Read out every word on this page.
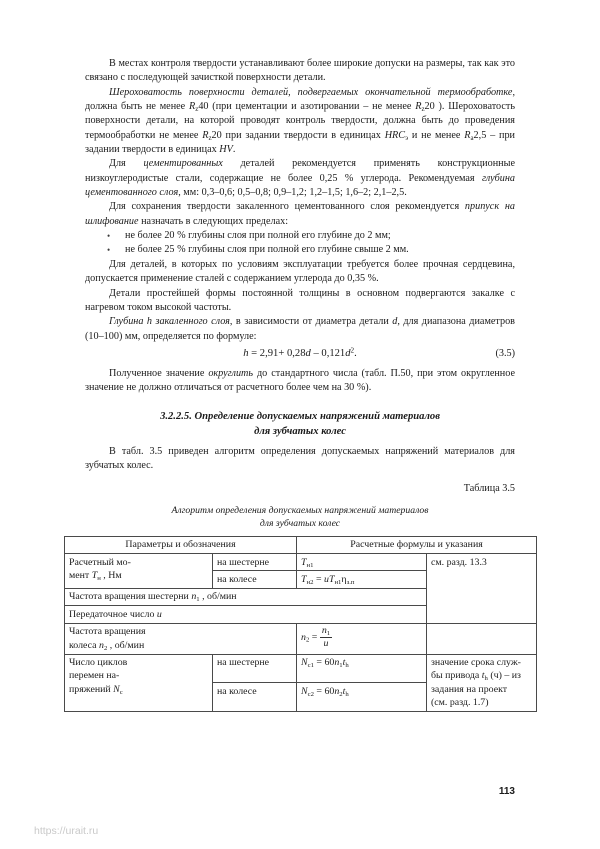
В местах контроля твердости устанавливают более широкие допуски на размеры, так как это связано с последующей зачисткой поверхности детали.

Шероховатость поверхности деталей, подвергаемых окончательной термообработке, должна быть не менее $R_z40$ (при цементации и азотировании – не менее $R_z20$ ). Шероховатость поверхности детали, на которой проводят контроль твердости, должна быть до проведения термообработки не менее $R_z20$ при задании твердости в единицах $HRC_э$ и не менее $R_a2,5$ – при задании твердости в единицах HV.

Для цементированных деталей рекомендуется применять конструкционные низкоуглеродистые стали, содержащие не более 0,25 % углерода. Рекомендуемая глубина цементованного слоя, мм: 0,3–0,6; 0,5–0,8; 0,9–1,2; 1,2–1,5; 1,6–2; 2,1–2,5.

Для сохранения твердости закаленного цементованного слоя рекомендуется припуск на шлифование назначать в следующих пределах:

• не более 20 % глубины слоя при полной его глубине до 2 мм;
• не более 25 % глубины слоя при полной его глубине свыше 2 мм.

Для деталей, в которых по условиям эксплуатации требуется более прочная сердцевина, допускается применение сталей с содержанием углерода до 0,35 %.

Детали простейшей формы постоянной толщины в основном подвергаются закалке с нагревом током высокой частоты.

Глубина h закаленного слоя, в зависимости от диаметра детали d, для диапазона диаметров (10–100) мм, определяется по формуле:

$h = 2,91+ 0,28d - 0,121d^2$.	(3.5)

Полученное значение округлить до стандартного числа (табл. П.50, при этом округленное значение не должно отличаться от расчетного более чем на 30 %).

3.2.2.5. Определение допускаемых напряжений материалов
для зубчатых колес

В табл. 3.5 приведен алгоритм определения допускаемых напряжений материалов для зубчатых колес.

Таблица 3.5

Алгоритм определения допускаемых напряжений материалов

для зубчатых колес

Параметры и обозначения		Расчетные формулы и указания	
Расчетный мо-
мент $T_н$ , Нм	на шестерне	$T_{н1}$	см. разд. 13.3
	на колесе	$T_{н2} = uT_{н1}\eta_{з.п}$
Частота вращения шестерни $n_1$ , об/мин			
Передаточное число u			
Частота вращения
колеса $n_2$ , об/мин		$n_2 = \frac{n_1}{u}$

Число циклов
перемен на-
пряжений $N_c$	на шестерне	$N_{c1} = 60n_1t_h$	значение срока служ-
бы привода $t_h$ (ч) – из
задания на проект
(см. разд. 1.7)
	на колесе	$N_{c2} = 60n_2t_h$
113
https://urait.ru
